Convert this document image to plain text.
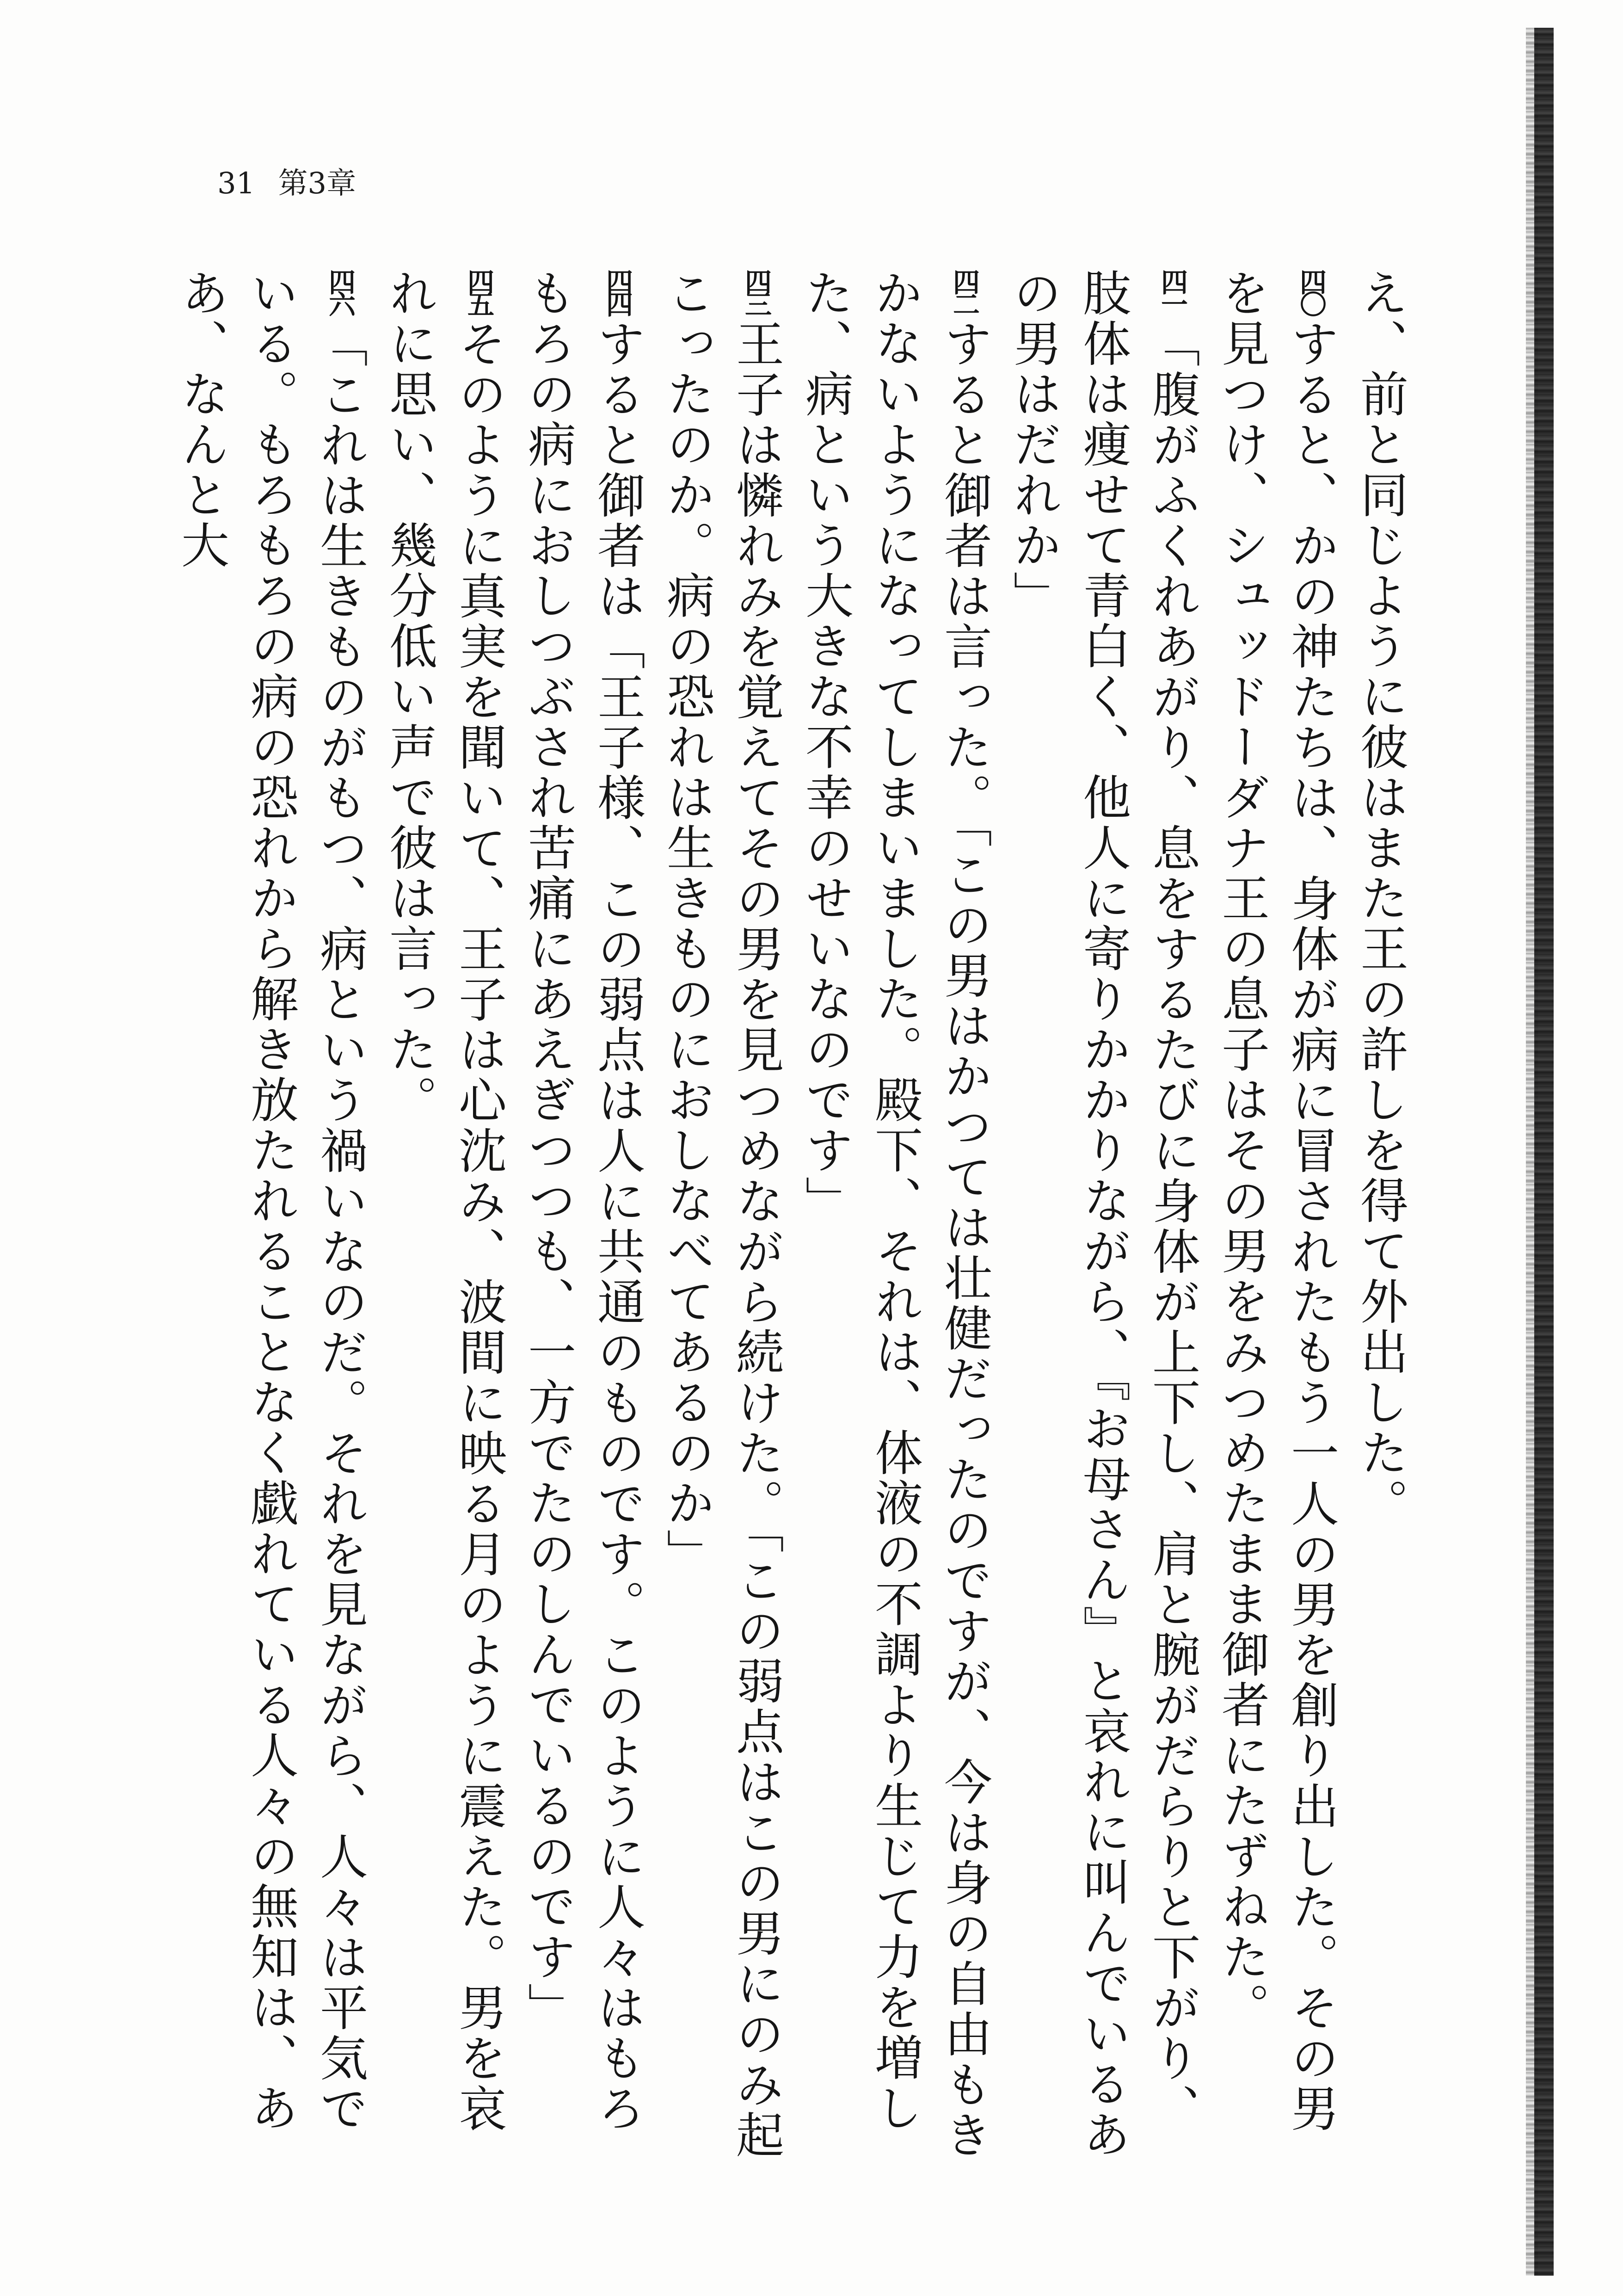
31 第3章

え、前と同じように彼はまた王の許しを得て外出した。

四〇すると、かの神たちは、身体が病に冒されたもう一人の男を創り出した。その男を見つけ、シュッドーダナ王の息子はその男をみつめたまま御者にたずねた。

四一「腹がふくれあがり、息をするたびに身体が上下し、肩と腕がだらりと下がり、肢体は痩せて青白く、他人に寄りかかりながら、『お母さん』と哀れに叫んでいるあの男はだれか」

四二すると御者は言った。「この男はかつては壮健だったのですが、今は身の自由もきかないようになってしまいました。殿下、それは、体液の不調より生じて力を増した、病という大きな不幸のせいなのです」

四三王子は憐れみを覚えてその男を見つめながら続けた。「この弱点はこの男にのみ起こったのか。病の恐れは生きものにおしなべてあるのか」

四四すると御者は「王子様、この弱点は人に共通のものです。このように人々はもろもろの病におしつぶされ苦痛にあえぎつつも、一方でたのしんでいるのです」

四五そのように真実を聞いて、王子は心沈み、波間に映る月のように震えた。男を哀れに思い、幾分低い声で彼は言った。

四六「これは生きものがもつ、病という禍いなのだ。それを見ながら、人々は平気でいる。もろもろの病の恐れから解き放たれることなく戯れている人々の無知は、ああ、なんと大
